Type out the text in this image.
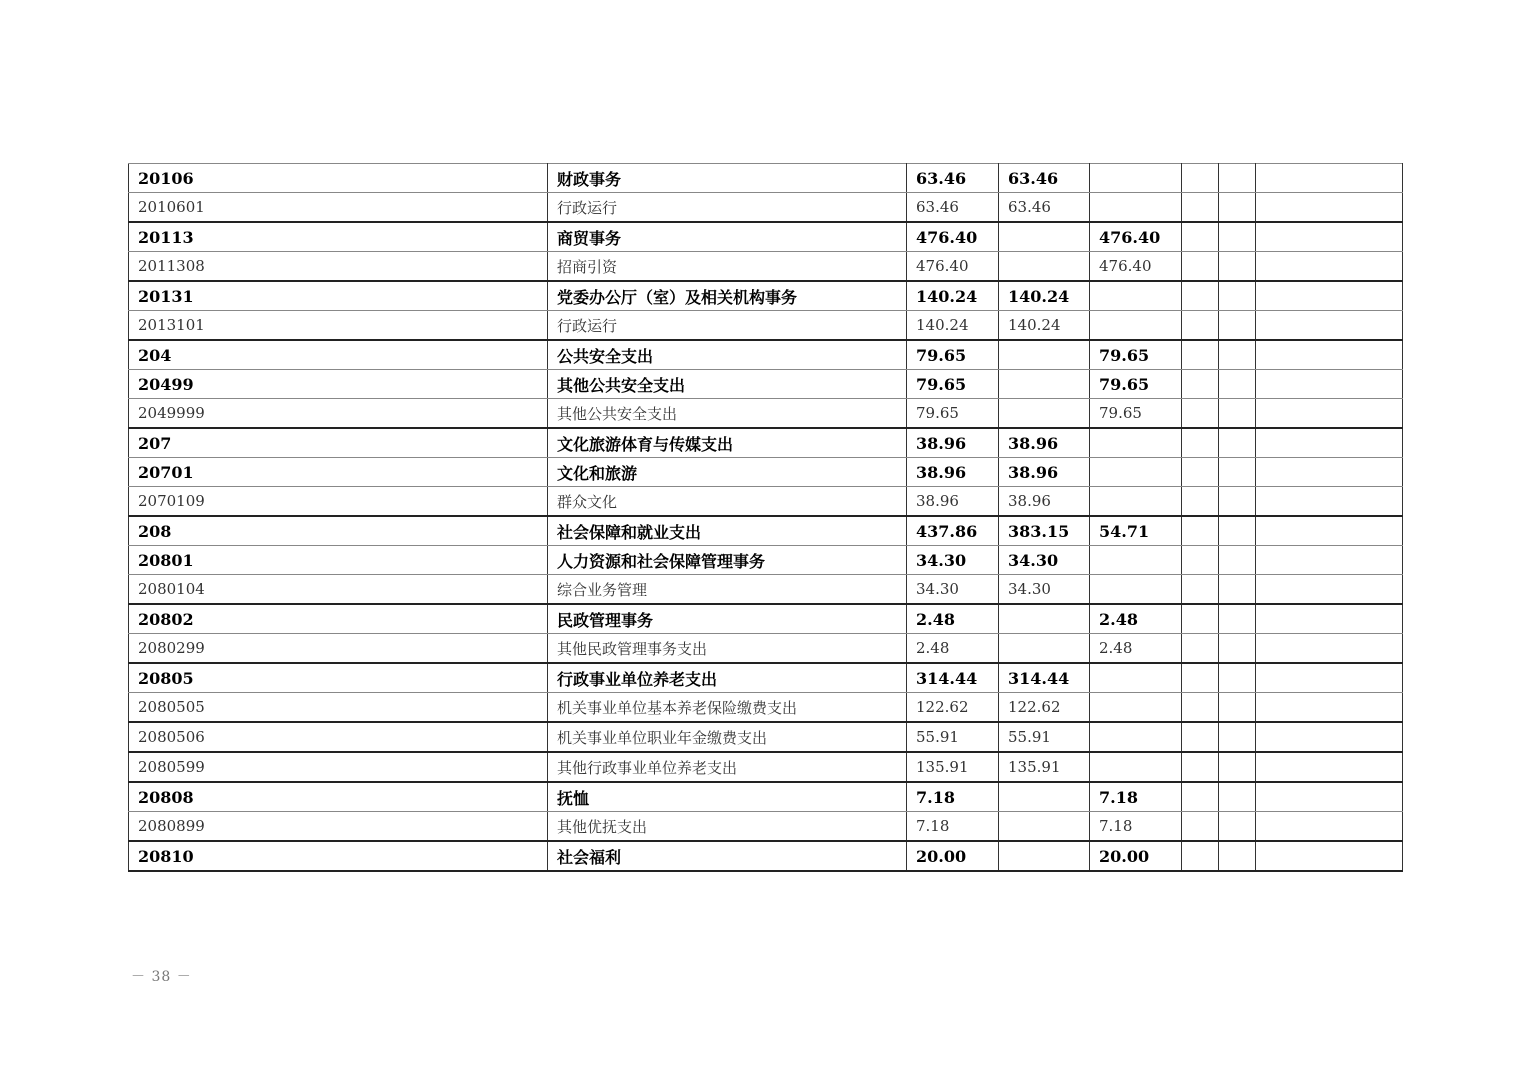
20106	财政事务	63.46	63.46				
2010601	行政运行	63.46	63.46				
20113	商贸事务	476.40		476.40			
2011308	招商引资	476.40		476.40			
20131	党委办公厅（室）及相关机构事务	140.24	140.24				
2013101	行政运行	140.24	140.24				
204	公共安全支出	79.65		79.65			
20499	其他公共安全支出	79.65		79.65			
2049999	其他公共安全支出	79.65		79.65			
207	文化旅游体育与传媒支出	38.96	38.96				
20701	文化和旅游	38.96	38.96				
2070109	群众文化	38.96	38.96				
208	社会保障和就业支出	437.86	383.15	54.71			
20801	人力资源和社会保障管理事务	34.30	34.30				
2080104	综合业务管理	34.30	34.30				
20802	民政管理事务	2.48		2.48			
2080299	其他民政管理事务支出	2.48		2.48			
20805	行政事业单位养老支出	314.44	314.44				
2080505	机关事业单位基本养老保险缴费支出	122.62	122.62				
2080506	机关事业单位职业年金缴费支出	55.91	55.91				
2080599	其他行政事业单位养老支出	135.91	135.91				
20808	抚恤	7.18		7.18			
2080899	其他优抚支出	7.18		7.18			
20810	社会福利	20.00		20.00			
－ 38 －
